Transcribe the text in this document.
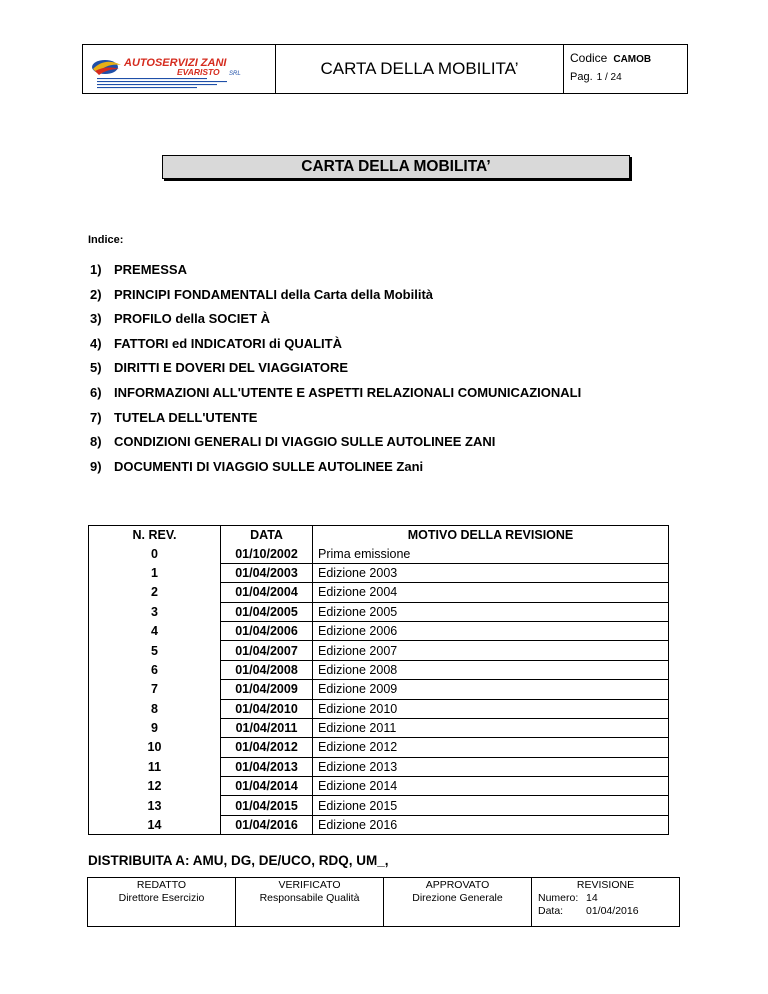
AUTOSERVIZI ZANI
EVARISTO SRL	CARTA DELLA MOBILITA’
Codice CAMOB
Pag. 1 / 24
CARTA DELLA MOBILITA’
Indice:
1) PREMESSA
2) PRINCIPI FONDAMENTALI della Carta della Mobilità
3) PROFILO della SOCIET À
4) FATTORI ed INDICATORI di QUALITÀ
5) DIRITTI E DOVERI DEL VIAGGIATORE
6) INFORMAZIONI ALL'UTENTE E ASPETTI RELAZIONALI COMUNICAZIONALI
7) TUTELA DELL'UTENTE
8) CONDIZIONI GENERALI DI VIAGGIO SULLE AUTOLINEE ZANI
9) DOCUMENTI DI VIAGGIO SULLE AUTOLINEE Zani
N. REV.	DATA	MOTIVO DELLA REVISIONE
0	01/10/2002	Prima emissione
1	01/04/2003	Edizione 2003
2	01/04/2004	Edizione 2004
3	01/04/2005	Edizione 2005
4	01/04/2006	Edizione 2006
5	01/04/2007	Edizione 2007
6	01/04/2008	Edizione 2008
7	01/04/2009	Edizione 2009
8	01/04/2010	Edizione 2010
9	01/04/2011	Edizione 2011
10	01/04/2012	Edizione 2012
11	01/04/2013	Edizione 2013
12	01/04/2014	Edizione 2014
13	01/04/2015	Edizione 2015
14	01/04/2016	Edizione 2016
DISTRIBUITA A: AMU, DG, DE/UCO, RDQ, UM_,
REDATTO
Direttore Esercizio
VERIFICATO
Responsabile Qualità
APPROVATO
Direzione Generale
REVISIONE
Numero: 14
Data: 01/04/2016
